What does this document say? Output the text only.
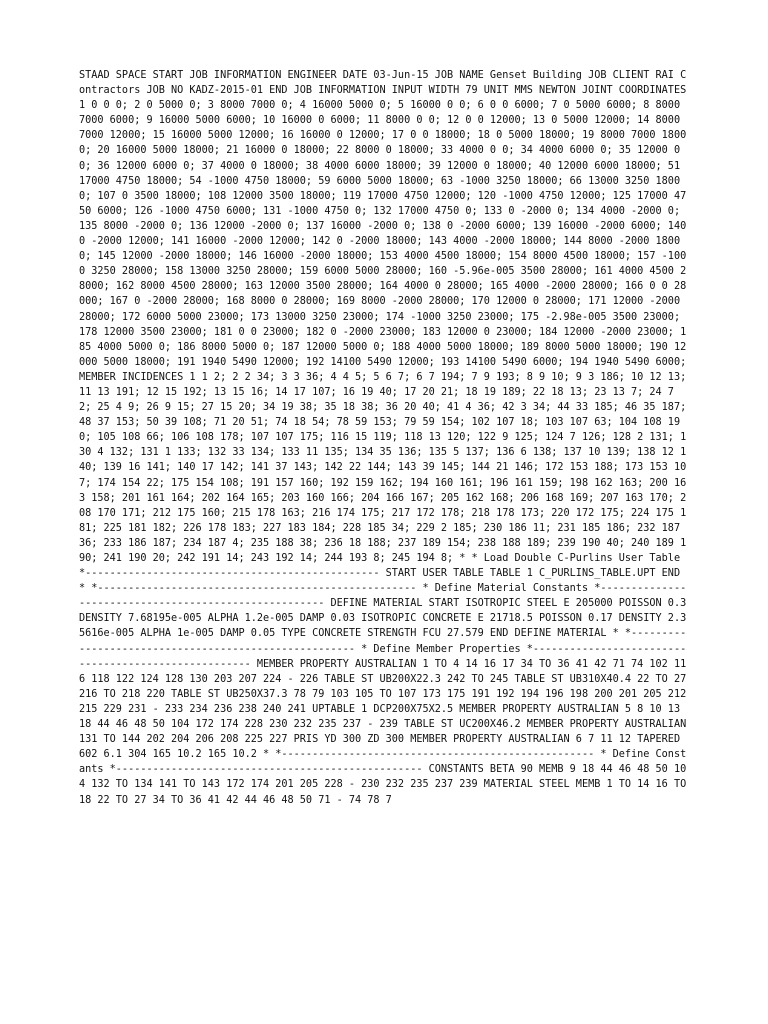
STAAD SPACE START JOB INFORMATION ENGINEER DATE 03-Jun-15 JOB NAME Genset Building JOB CLIENT RAI Contractors JOB NO KADZ-2015-01 END JOB INFORMATION INPUT WIDTH 79 UNIT MMS NEWTON JOINT COORDINATES 1 0 0 0; 2 0 5000 0; 3 8000 7000 0; 4 16000 5000 0; 5 16000 0 0; 6 0 0 6000; 7 0 5000 6000; 8 8000 7000 6000; 9 16000 5000 6000; 10 16000 0 6000; 11 8000 0 0; 12 0 0 12000; 13 0 5000 12000; 14 8000 7000 12000; 15 16000 5000 12000; 16 16000 0 12000; 17 0 0 18000; 18 0 5000 18000; 19 8000 7000 18000; 20 16000 5000 18000; 21 16000 0 18000; 22 8000 0 18000; 33 4000 0 0; 34 4000 6000 0; 35 12000 0 0; 36 12000 6000 0; 37 4000 0 18000; 38 4000 6000 18000; 39 12000 0 18000; 40 12000 6000 18000; 51 17000 4750 18000; 54 -1000 4750 18000; 59 6000 5000 18000; 63 -1000 3250 18000; 66 13000 3250 18000; 107 0 3500 18000; 108 12000 3500 18000; 119 17000 4750 12000; 120 -1000 4750 12000; 125 17000 4750 6000; 126 -1000 4750 6000; 131 -1000 4750 0; 132 17000 4750 0; 133 0 -2000 0; 134 4000 -2000 0; 135 8000 -2000 0; 136 12000 -2000 0; 137 16000 -2000 0; 138 0 -2000 6000; 139 16000 -2000 6000; 140 0 -2000 12000; 141 16000 -2000 12000; 142 0 -2000 18000; 143 4000 -2000 18000; 144 8000 -2000 18000; 145 12000 -2000 18000; 146 16000 -2000 18000; 153 4000 4500 18000; 154 8000 4500 18000; 157 -1000 3250 28000; 158 13000 3250 28000; 159 6000 5000 28000; 160 -5.96e-005 3500 28000; 161 4000 4500 28000; 162 8000 4500 28000; 163 12000 3500 28000; 164 4000 0 28000; 165 4000 -2000 28000; 166 0 0 28000; 167 0 -2000 28000; 168 8000 0 28000; 169 8000 -2000 28000; 170 12000 0 28000; 171 12000 -2000 28000; 172 6000 5000 23000; 173 13000 3250 23000; 174 -1000 3250 23000; 175 -2.98e-005 3500 23000; 178 12000 3500 23000; 181 0 0 23000; 182 0 -2000 23000; 183 12000 0 23000; 184 12000 -2000 23000; 185 4000 5000 0; 186 8000 5000 0; 187 12000 5000 0; 188 4000 5000 18000; 189 8000 5000 18000; 190 12000 5000 18000; 191 1940 5490 12000; 192 14100 5490 12000; 193 14100 5490 6000; 194 1940 5490 6000; MEMBER INCIDENCES 1 1 2; 2 2 34; 3 3 36; 4 4 5; 5 6 7; 6 7 194; 7 9 193; 8 9 10; 9 3 186; 10 12 13; 11 13 191; 12 15 192; 13 15 16; 14 17 107; 16 19 40; 17 20 21; 18 19 189; 22 18 13; 23 13 7; 24 7 2; 25 4 9; 26 9 15; 27 15 20; 34 19 38; 35 18 38; 36 20 40; 41 4 36; 42 3 34; 44 33 185; 46 35 187; 48 37 153; 50 39 108; 71 20 51; 74 18 54; 78 59 153; 79 59 154; 102 107 18; 103 107 63; 104 108 190; 105 108 66; 106 108 178; 107 107 175; 116 15 119; 118 13 120; 122 9 125; 124 7 126; 128 2 131; 130 4 132; 131 1 133; 132 33 134; 133 11 135; 134 35 136; 135 5 137; 136 6 138; 137 10 139; 138 12 140; 139 16 141; 140 17 142; 141 37 143; 142 22 144; 143 39 145; 144 21 146; 172 153 188; 173 153 107; 174 154 22; 175 154 108; 191 157 160; 192 159 162; 194 160 161; 196 161 159; 198 162 163; 200 163 158; 201 161 164; 202 164 165; 203 160 166; 204 166 167; 205 162 168; 206 168 169; 207 163 170; 208 170 171; 212 175 160; 215 178 163; 216 174 175; 217 172 178; 218 178 173; 220 172 175; 224 175 181; 225 181 182; 226 178 183; 227 183 184; 228 185 34; 229 2 185; 230 186 11; 231 185 186; 232 187 36; 233 186 187; 234 187 4; 235 188 38; 236 18 188; 237 189 154; 238 188 189; 239 190 40; 240 189 190; 241 190 20; 242 191 14; 243 192 14; 244 193 8; 245 194 8; * * Load Double C-Purlins User Table *------------------------------------------------ START USER TABLE TABLE 1 C_PURLINS_TABLE.UPT END * *---------------------------------------------------- * Define Material Constants *------------------------------------------------------ DEFINE MATERIAL START ISOTROPIC STEEL E 205000 POISSON 0.3 DENSITY 7.68195e-005 ALPHA 1.2e-005 DAMP 0.03 ISOTROPIC CONCRETE E 21718.5 POISSON 0.17 DENSITY 2.35616e-005 ALPHA 1e-005 DAMP 0.05 TYPE CONCRETE STRENGTH FCU 27.579 END DEFINE MATERIAL * *------------------------------------------------------ * Define Member Properties *----------------------------------------------------- MEMBER PROPERTY AUSTRALIAN 1 TO 4 14 16 17 34 TO 36 41 42 71 74 102 116 118 122 124 128 130 203 207 224 - 226 TABLE ST UB200X22.3 242 TO 245 TABLE ST UB310X40.4 22 TO 27 216 TO 218 220 TABLE ST UB250X37.3 78 79 103 105 TO 107 173 175 191 192 194 196 198 200 201 205 212 215 229 231 - 233 234 236 238 240 241 UPTABLE 1 DCP200X75X2.5 MEMBER PROPERTY AUSTRALIAN 5 8 10 13 18 44 46 48 50 104 172 174 228 230 232 235 237 - 239 TABLE ST UC200X46.2 MEMBER PROPERTY AUSTRALIAN 131 TO 144 202 204 206 208 225 227 PRIS YD 300 ZD 300 MEMBER PROPERTY AUSTRALIAN 6 7 11 12 TAPERED 602 6.1 304 165 10.2 165 10.2 * *--------------------------------------------------- * Define Constants *-------------------------------------------------- CONSTANTS BETA 90 MEMB 9 18 44 46 48 50 104 132 TO 134 141 TO 143 172 174 201 205 228 - 230 232 235 237 239 MATERIAL STEEL MEMB 1 TO 14 16 TO 18 22 TO 27 34 TO 36 41 42 44 46 48 50 71 - 74 78 7
